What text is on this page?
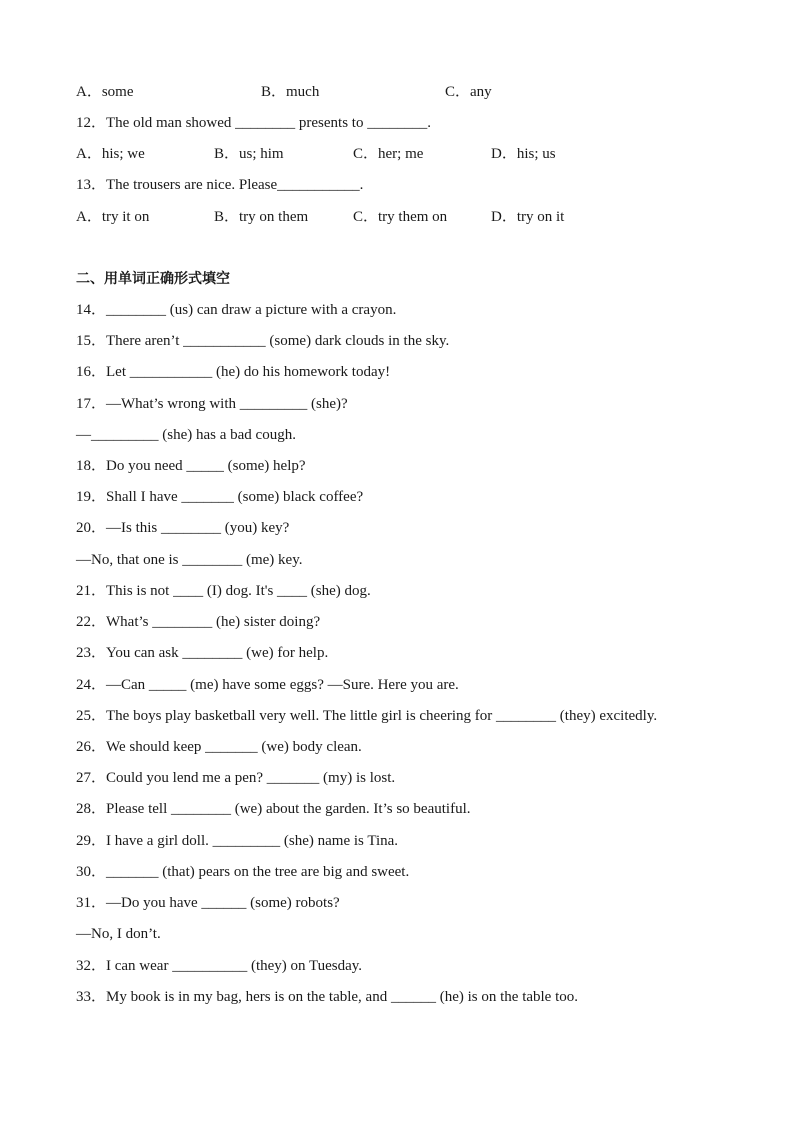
A．some	B．much	C．any
12．The old man showed ________ presents to ________.
A．his; we	B．us; him	C．her; me	D．his; us
13．The trousers are nice. Please___________.
A．try it on	B．try on them	C．try them on	D．try on it
二、用单词正确形式填空
14．________ (us) can draw a picture with a crayon.
15．There aren’t ___________ (some) dark clouds in the sky.
16．Let ___________ (he) do his homework today!
17．—What’s wrong with _________ (she)?
—_________ (she) has a bad cough.
18．Do you need _____ (some) help?
19．Shall I have _______ (some) black coffee?
20．—Is this ________ (you) key?
—No, that one is ________ (me) key.
21．This is not ____ (I) dog. It's ____ (she) dog.
22．What’s ________ (he) sister doing?
23．You can ask ________ (we) for help.
24．—Can _____ (me) have some eggs? —Sure. Here you are.
25．The boys play basketball very well. The little girl is cheering for ________ (they) excitedly.
26．We should keep _______ (we) body clean.
27．Could you lend me a pen? _______ (my) is lost.
28．Please tell ________ (we) about the garden. It’s so beautiful.
29．I have a girl doll. _________ (she) name is Tina.
30．_______ (that) pears on the tree are big and sweet.
31．—Do you have ______ (some) robots?
—No, I don’t.
32．I can wear __________ (they) on Tuesday.
33．My book is in my bag, hers is on the table, and ______ (he) is on the table too.
